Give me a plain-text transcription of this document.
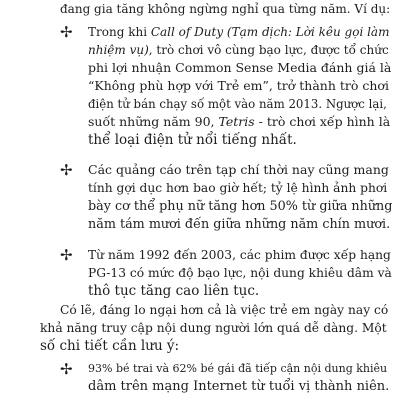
đang gia tăng không ngừng nghỉ qua từng năm. Ví dụ:

✢ Trong khi Call of Duty (Tạm dịch: Lời kêu gọi làm

nhiệm vụ), trò chơi vô cùng bạo lực, được tổ chức

phi lợi nhuận Common Sense Media đánh giá là

“Không phù hợp với Trẻ em”, trở thành trò chơi

điện tử bán chạy số một vào năm 2013. Ngược lại,

suốt những năm 90, Tetris - trò chơi xếp hình là

thể loại điện tử nổi tiếng nhất.

✢ Các quảng cáo trên tạp chí thời nay cũng mang

tính gợi dục hơn bao giờ hết; tỷ lệ hình ảnh phơi

bày cơ thể phụ nữ tăng hơn 50% từ giữa những

năm tám mươi đến giữa những năm chín mươi.

✢ Từ năm 1992 đến 2003, các phim được xếp hạng

PG-13 có mức độ bạo lực, nội dung khiêu dâm và

thô tục tăng cao liên tục.

Có lẽ, đáng lo ngại hơn cả là việc trẻ em ngày nay có

khả năng truy cập nội dung người lớn quá dễ dàng. Một

số chi tiết cần lưu ý:

✢ 93% bé trai và 62% bé gái đã tiếp cận nội dung khiêu

dâm trên mạng Internet từ tuổi vị thành niên.
